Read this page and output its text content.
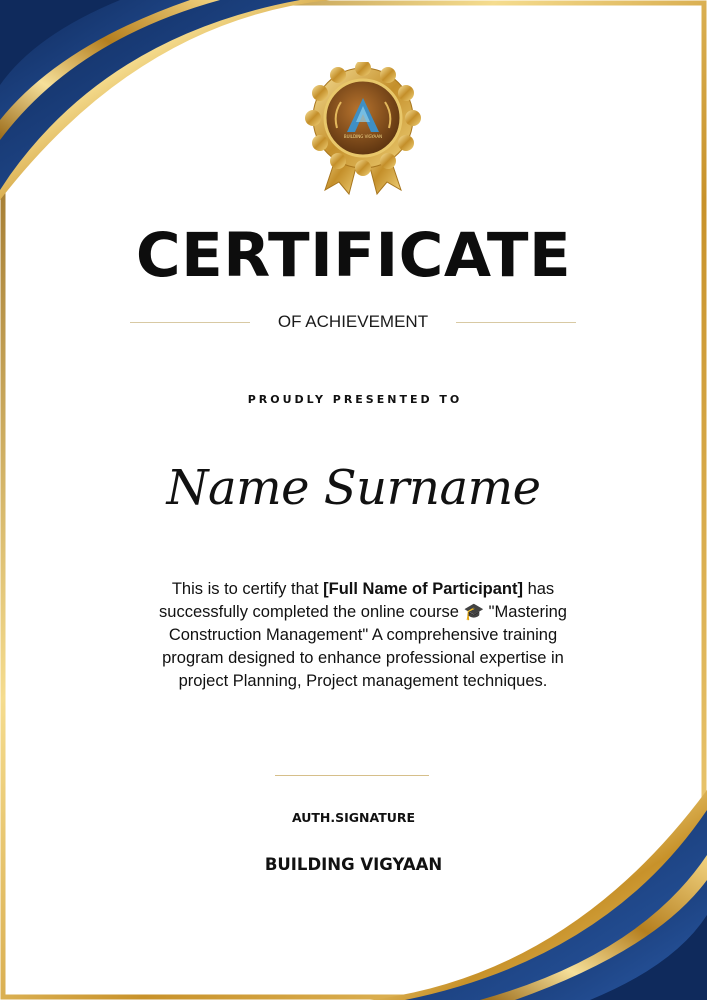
BUILDING VIGYAAN
CERTIFICATE
OF ACHIEVEMENT
PROUDLY PRESENTED TO
Name Surname
This is to certify that [Full Name of Participant] has successfully completed the online course 🎓 "Mastering Construction Management" A comprehensive training program designed to enhance professional expertise in project Planning, Project management techniques.
AUTH.SIGNATURE
BUILDING VIGYAAN
